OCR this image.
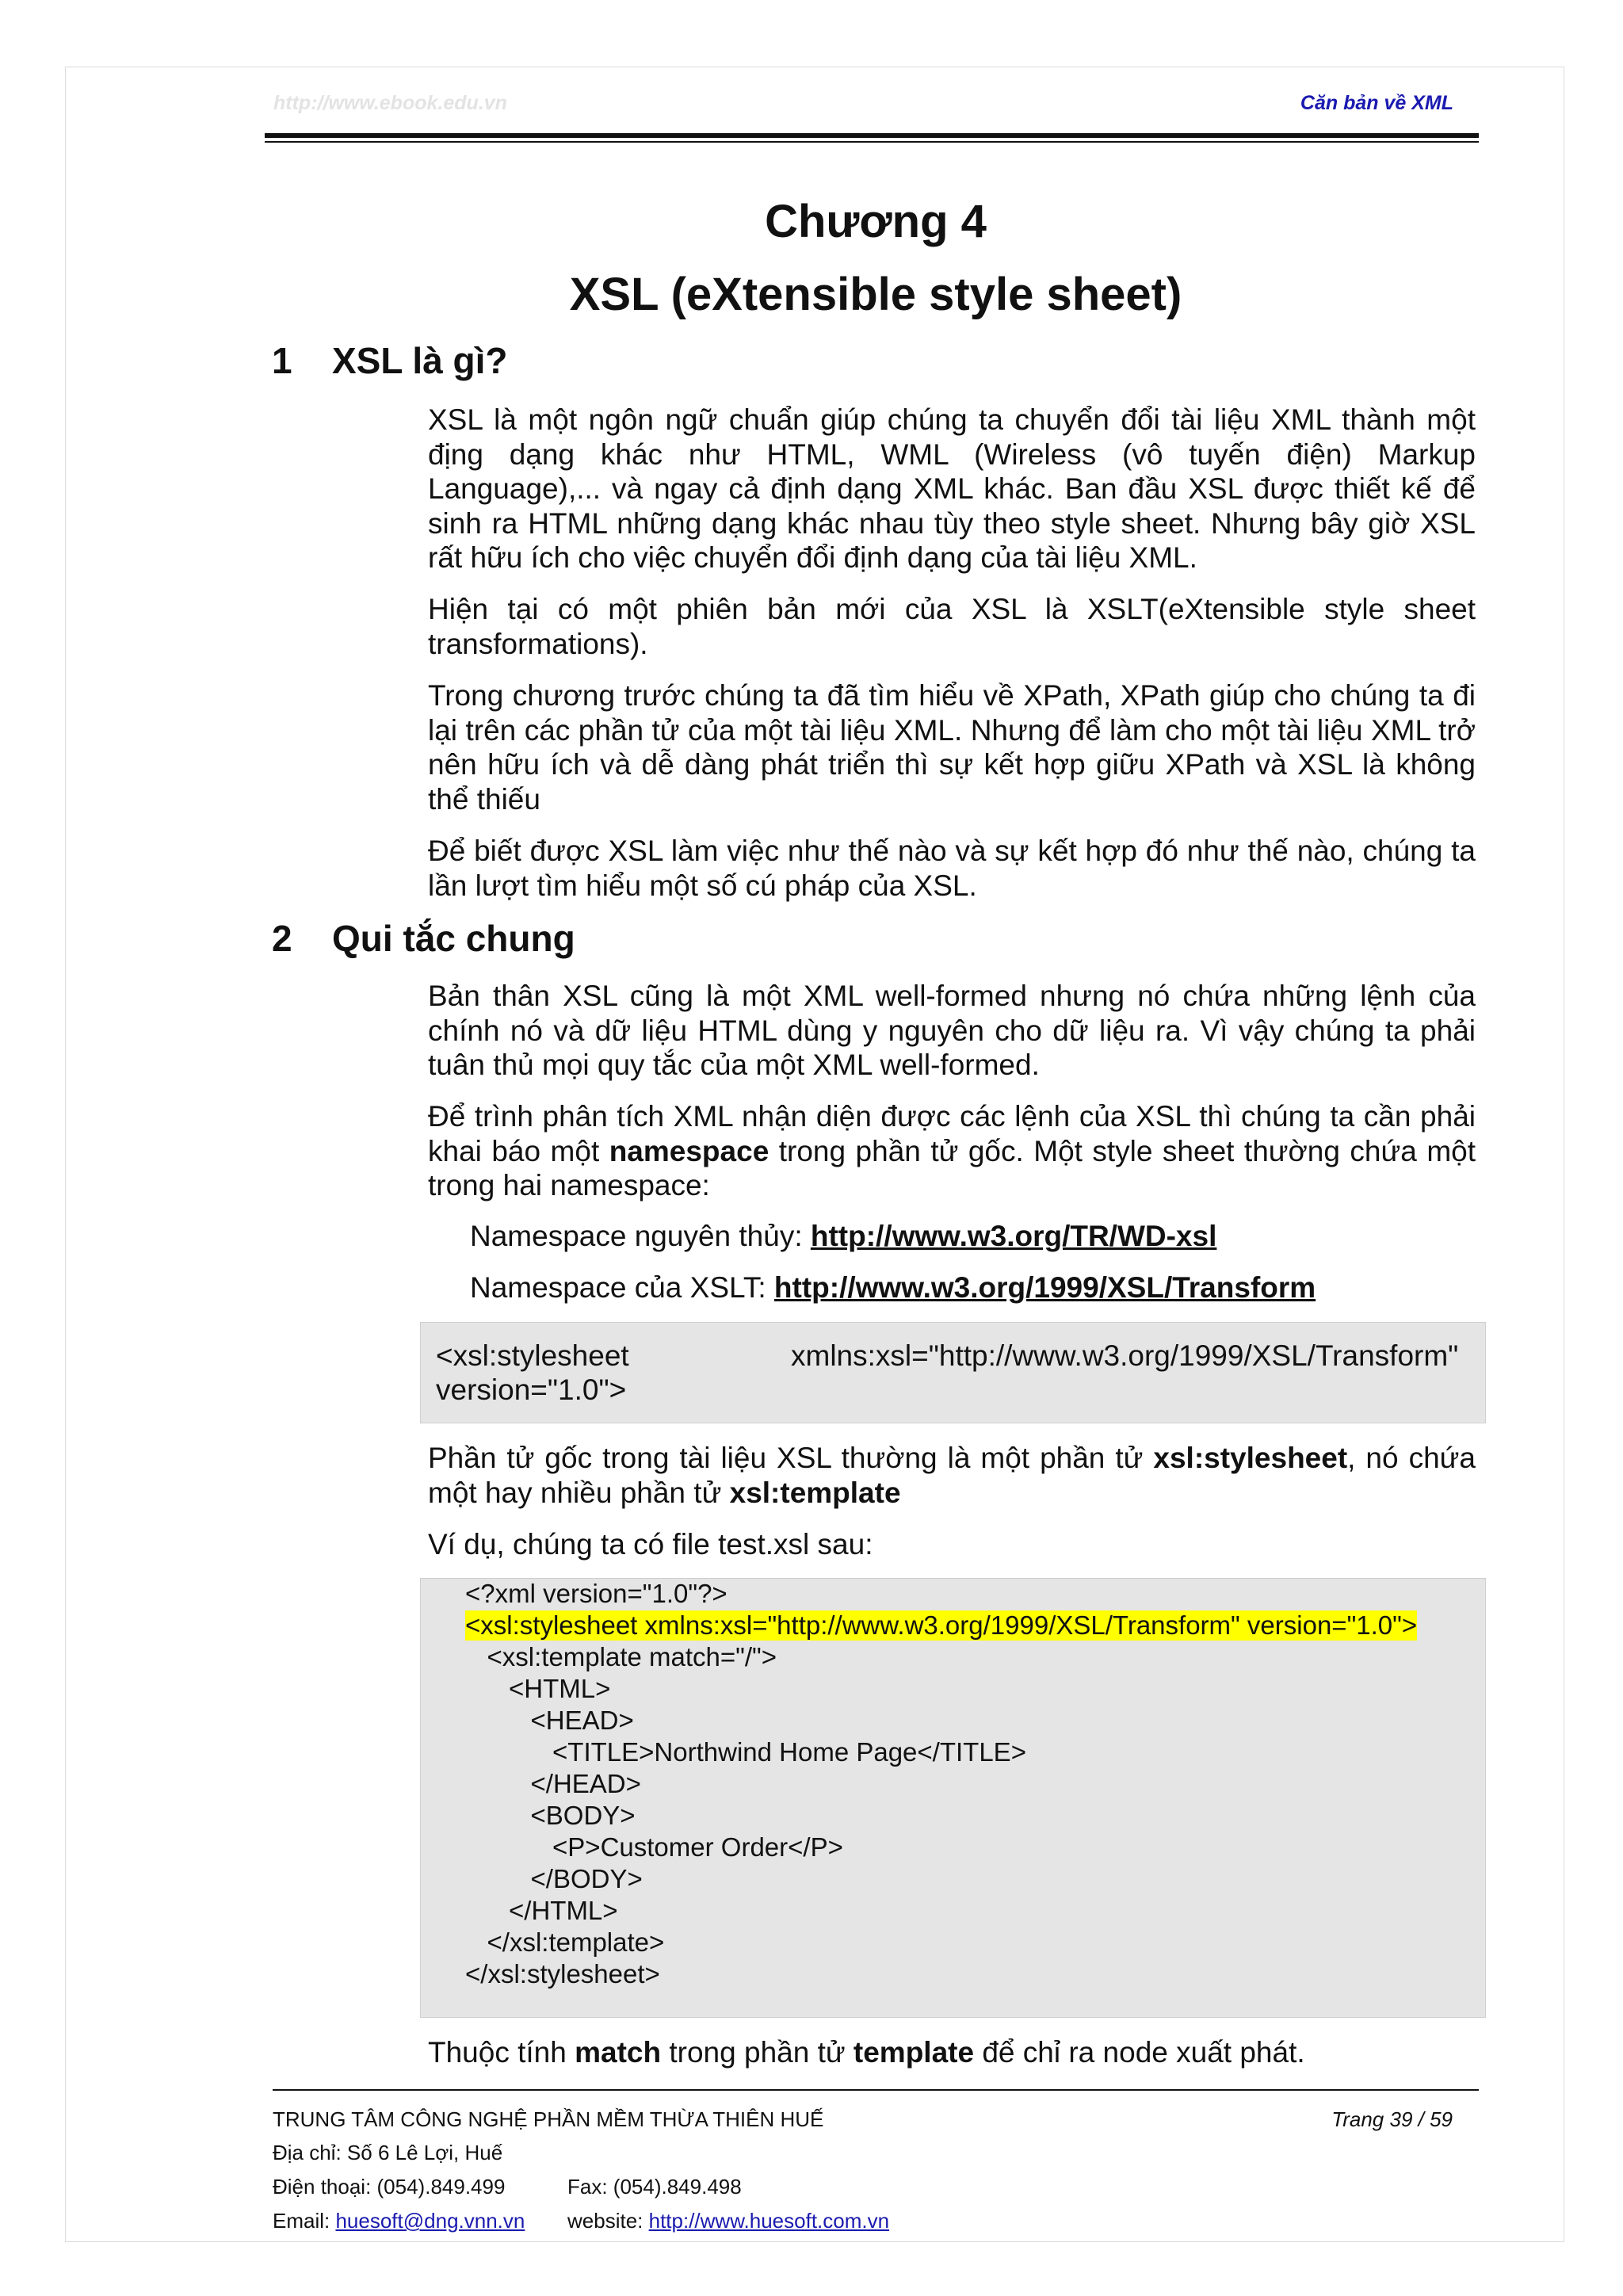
http://www.ebook.edu.vn	Căn bản về XML
Chương 4
XSL (eXtensible style sheet)
1 XSL là gì?
XSL là một ngôn ngữ chuẩn giúp chúng ta chuyển đổi tài liệu XML thành một địng dạng khác như HTML, WML (Wireless (vô tuyến điện) Markup Language),... và ngay cả định dạng XML khác. Ban đầu XSL được thiết kế để sinh ra HTML những dạng khác nhau tùy theo style sheet. Nhưng bây giờ XSL rất hữu ích cho việc chuyển đổi định dạng của tài liệu XML.
Hiện tại có một phiên bản mới của XSL là XSLT(eXtensible style sheet transformations).
Trong chương trước chúng ta đã tìm hiểu về XPath, XPath giúp cho chúng ta đi lại trên các phần tử của một tài liệu XML. Nhưng để làm cho một tài liệu XML trở nên hữu ích và dễ dàng phát triển thì sự kết hợp giữu XPath và XSL là không thể thiếu
Để biết được XSL làm việc như thế nào và sự kết hợp đó như thế nào, chúng ta lần lượt tìm hiểu một số cú pháp của XSL.
2 Qui tắc chung
Bản thân XSL cũng là một XML well-formed nhưng nó chứa những lệnh của chính nó và dữ liệu HTML dùng y nguyên cho dữ liệu ra. Vì vậy chúng ta phải tuân thủ mọi quy tắc của một XML well-formed.
Để trình phân tích XML nhận diện được các lệnh của XSL thì chúng ta cần phải khai báo một namespace trong phần tử gốc. Một style sheet thường chứa một trong hai namespace:
Namespace nguyên thủy: http://www.w3.org/TR/WD-xsl
Namespace của XSLT: http://www.w3.org/1999/XSL/Transform
<xsl:stylesheet	xmlns:xsl="http://www.w3.org/1999/XSL/Transform"
version="1.0">
Phần tử gốc trong tài liệu XSL thường là một phần tử xsl:stylesheet, nó chứa một hay nhiều phần tử xsl:template
Ví dụ, chúng ta có file test.xsl sau:
<?xml version="1.0"?>
<xsl:stylesheet xmlns:xsl="http://www.w3.org/1999/XSL/Transform" version="1.0">
<xsl:template match="/">
<HTML>
<HEAD>
<TITLE>Northwind Home Page</TITLE>
</HEAD>
<BODY>
<P>Customer Order</P>
</BODY>
</HTML>
</xsl:template>
</xsl:stylesheet>
Thuộc tính match trong phần tử template để chỉ ra node xuất phát.
TRUNG TÂM CÔNG NGHỆ PHẦN MỀM THỪA THIÊN HUẾ	Trang 39 / 59
Địa chỉ: Số 6 Lê Lợi, Huế
Điện thoại: (054).849.499	Fax: (054).849.498
Email: huesoft@dng.vnn.vn website: http://www.huesoft.com.vn
